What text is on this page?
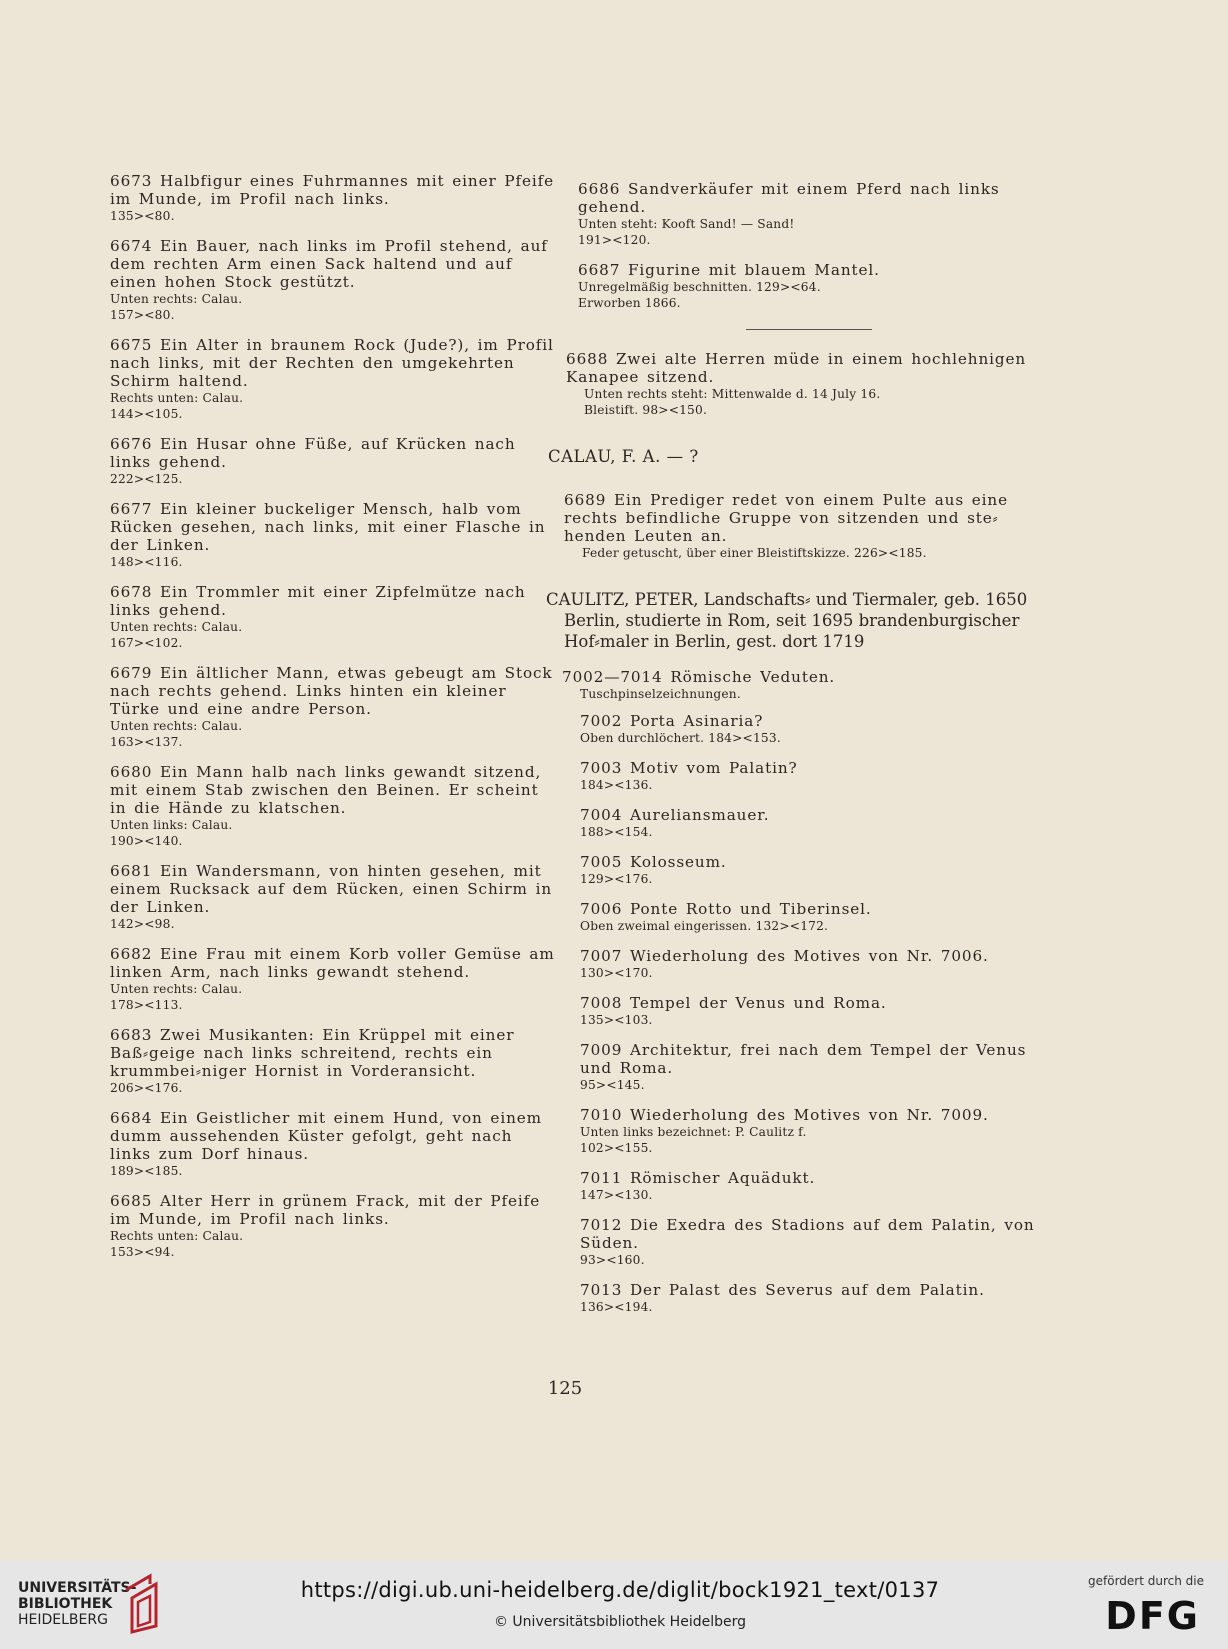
6673 Halbfigur eines Fuhrmannes mit einer Pfeife im Munde, im Profil nach links.
135><80.
6674 Ein Bauer, nach links im Profil stehend, auf dem rechten Arm einen Sack haltend und auf einen hohen Stock gestützt.
Unten rechts: Calau.
157><80.
6675 Ein Alter in braunem Rock (Jude?), im Profil nach links, mit der Rechten den umgekehrten Schirm haltend.
Rechts unten: Calau.
144><105.
6676 Ein Husar ohne Füße, auf Krücken nach links gehend.
222><125.
6677 Ein kleiner buckeliger Mensch, halb vom Rücken gesehen, nach links, mit einer Flasche in der Linken.
148><116.
6678 Ein Trommler mit einer Zipfelmütze nach links gehend.
Unten rechts: Calau.
167><102.
6679 Ein ältlicher Mann, etwas gebeugt am Stock nach rechts gehend. Links hinten ein kleiner Türke und eine andre Person.
Unten rechts: Calau.
163><137.
6680 Ein Mann halb nach links gewandt sitzend, mit einem Stab zwischen den Beinen. Er scheint in die Hände zu klatschen.
Unten links: Calau.
190><140.
6681 Ein Wandersmann, von hinten gesehen, mit einem Rucksack auf dem Rücken, einen Schirm in der Linken.
142><98.
6682 Eine Frau mit einem Korb voller Gemüse am linken Arm, nach links gewandt stehend.
Unten rechts: Calau.
178><113.
6683 Zwei Musikanten: Ein Krüppel mit einer Baß⸗geige nach links schreitend, rechts ein krummbei⸗niger Hornist in Vorderansicht.
206><176.
6684 Ein Geistlicher mit einem Hund, von einem dumm aussehenden Küster gefolgt, geht nach links zum Dorf hinaus.
189><185.
6685 Alter Herr in grünem Frack, mit der Pfeife im Munde, im Profil nach links.
Rechts unten: Calau.
153><94.
6686 Sandverkäufer mit einem Pferd nach links gehend.
Unten steht: Kooft Sand! — Sand!
191><120.
6687 Figurine mit blauem Mantel.
Unregelmäßig beschnitten. 129><64.
Erworben 1866.
6688 Zwei alte Herren müde in einem hochlehnigen Kanapee sitzend.
Unten rechts steht: Mittenwalde d. 14 July 16.
Bleistift. 98><150.
CALAU, F. A. — ?
6689 Ein Prediger redet von einem Pulte aus eine rechts befindliche Gruppe von sitzenden und ste⸗henden Leuten an.
Feder getuscht, über einer Bleistiftskizze. 226><185.
CAULITZ, PETER, Landschafts⸗ und Tiermaler, geb. 1650
Berlin, studierte in Rom, seit 1695 brandenburgischer Hof⸗maler in Berlin, gest. dort 1719
7002—7014 Römische Veduten.
Tuschpinselzeichnungen.
7002 Porta Asinaria?
Oben durchlöchert. 184><153.
7003 Motiv vom Palatin?
184><136.
7004 Aureliansmauer.
188><154.
7005 Kolosseum.
129><176.
7006 Ponte Rotto und Tiberinsel.
Oben zweimal eingerissen. 132><172.
7007 Wiederholung des Motives von Nr. 7006.
130><170.
7008 Tempel der Venus und Roma.
135><103.
7009 Architektur, frei nach dem Tempel der Venus und Roma.
95><145.
7010 Wiederholung des Motives von Nr. 7009.
Unten links bezeichnet: P. Caulitz f.
102><155.
7011 Römischer Aquädukt.
147><130.
7012 Die Exedra des Stadions auf dem Palatin, von Süden.
93><160.
7013 Der Palast des Severus auf dem Palatin.
136><194.
125
UNIVERSITÄTS-
BIBLIOTHEK
HEIDELBERG
https://digi.ub.uni-heidelberg.de/diglit/bock1921_text/0137
© Universitätsbibliothek Heidelberg
gefördert durch die
DFG
